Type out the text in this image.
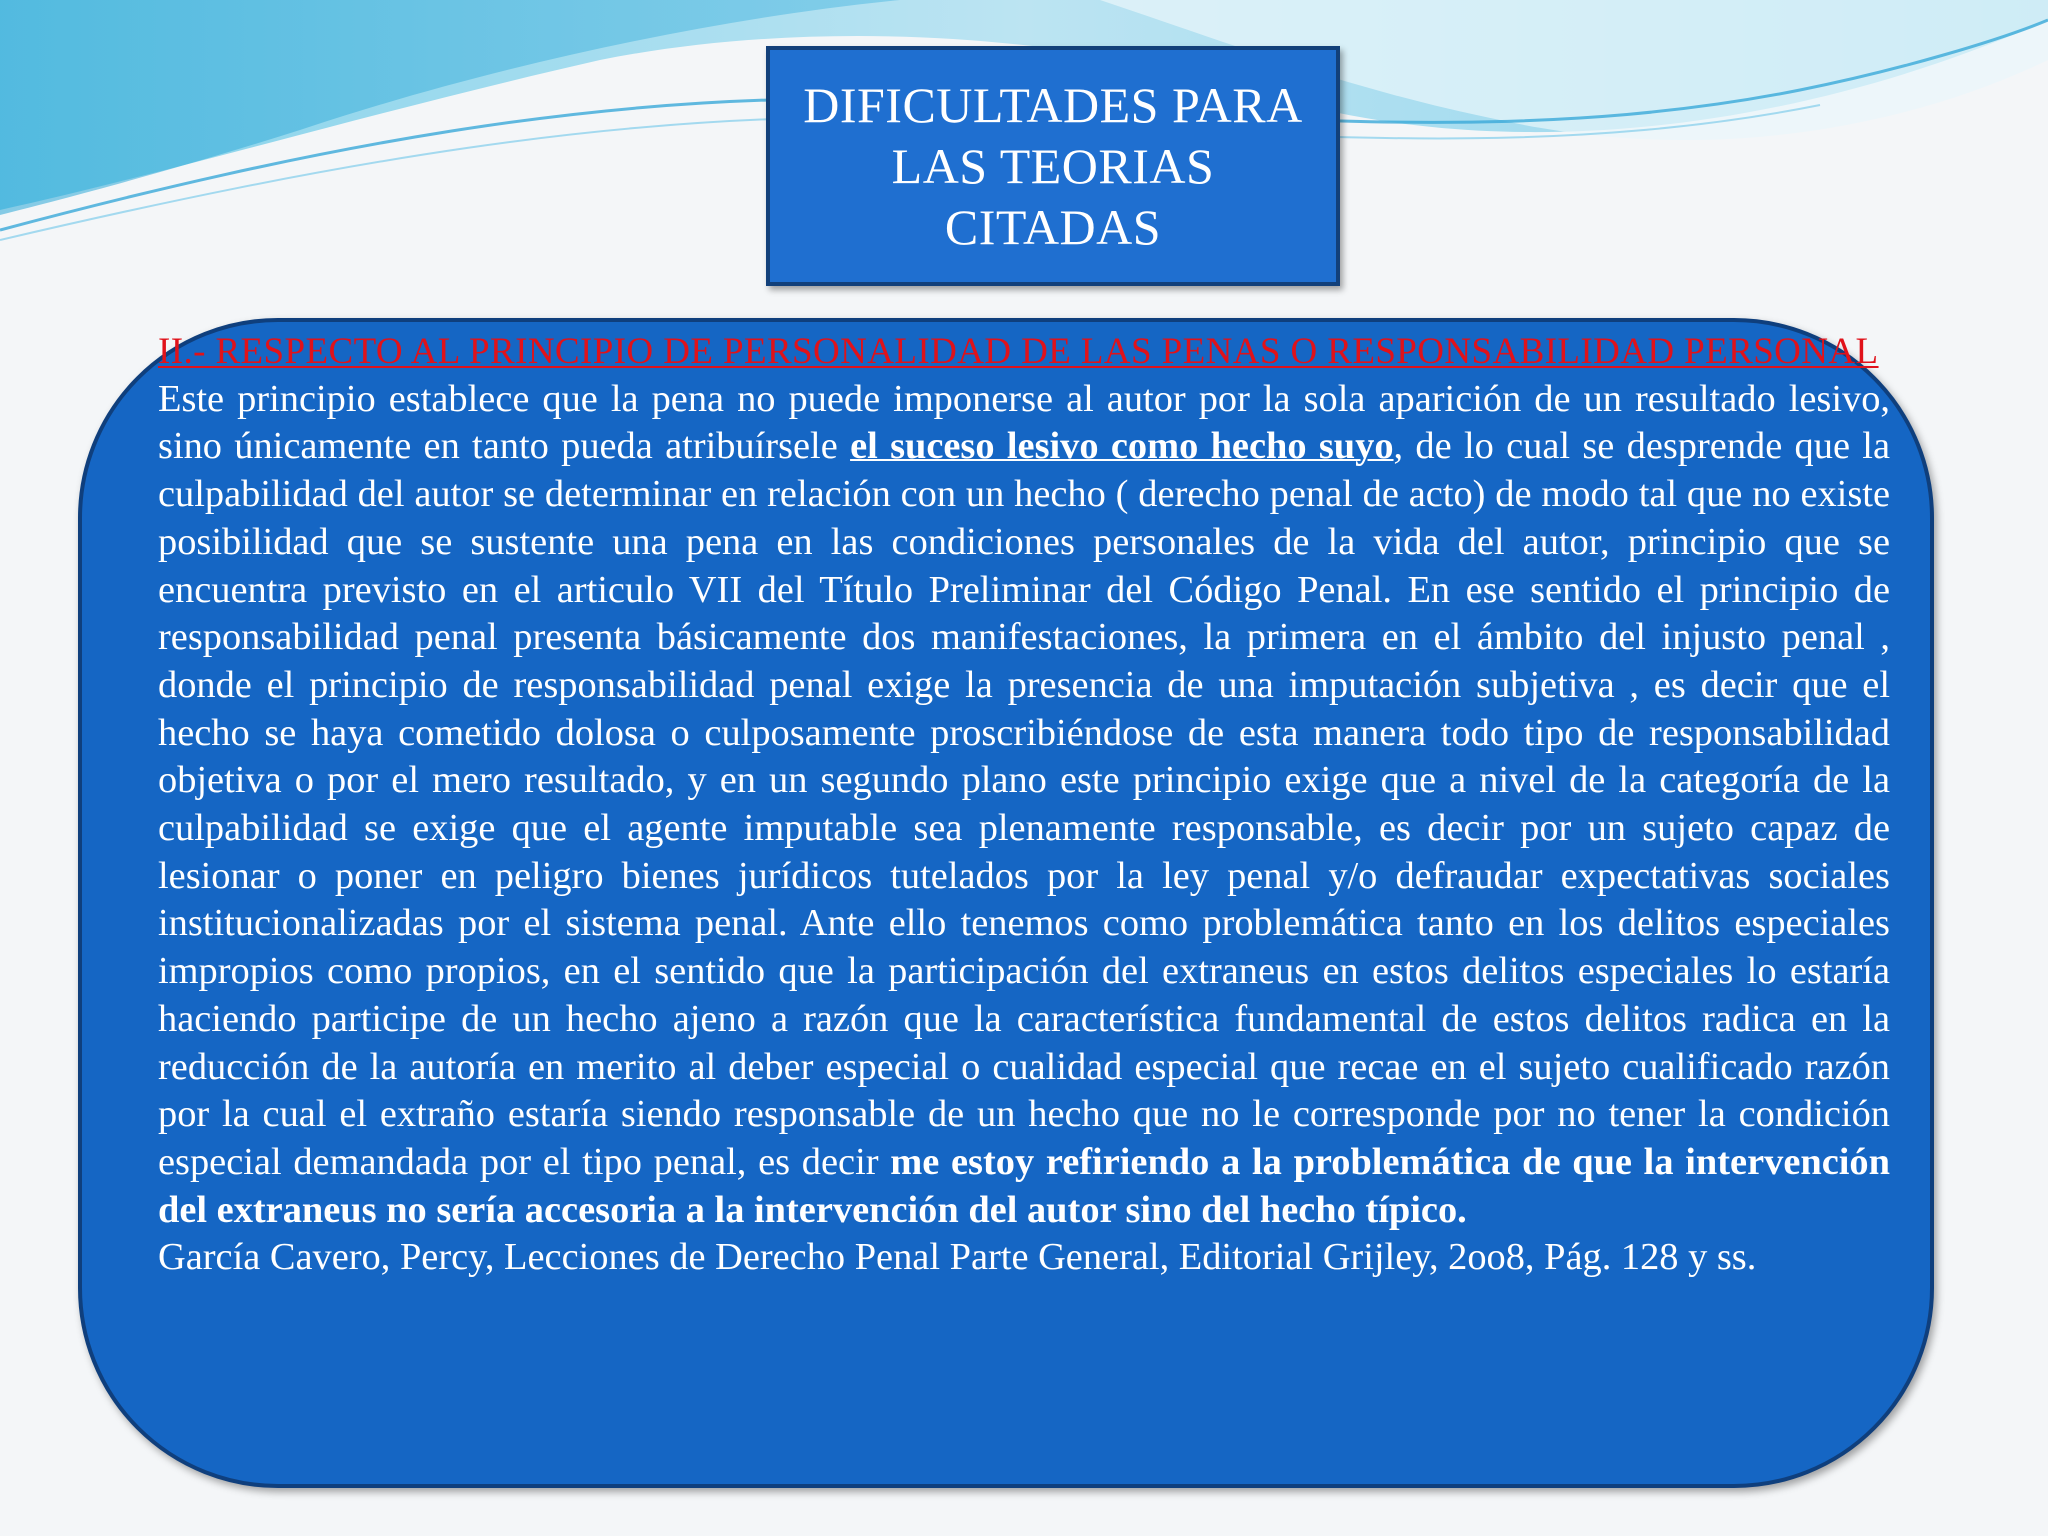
DIFICULTADES PARA
LAS TEORIAS
CITADAS

II.- RESPECTO AL PRINCIPIO DE PERSONALIDAD DE LAS PENAS O RESPONSABILIDAD PERSONAL

Este principio establece que la pena no puede imponerse al autor por la sola aparición de un resultado lesivo, sino únicamente en tanto pueda atribuírsele el suceso lesivo como hecho suyo, de lo cual se desprende que la culpabilidad del autor se determinar en relación con un hecho ( derecho penal de acto) de modo tal que no existe posibilidad que se sustente una pena en las condiciones personales de la vida del autor, principio que se encuentra previsto en el articulo VII del Título Preliminar del Código Penal. En ese sentido el principio de responsabilidad penal presenta básicamente dos manifestaciones, la primera en el ámbito del injusto penal , donde el principio de responsabilidad penal exige la presencia de una imputación subjetiva , es decir que el hecho se haya cometido dolosa o culposamente proscribiéndose de esta manera todo tipo de responsabilidad objetiva o por el mero resultado, y en un segundo plano este principio exige que a nivel de la categoría de la culpabilidad se exige que el agente imputable sea plenamente responsable, es decir por un sujeto capaz de lesionar o poner en peligro bienes jurídicos tutelados por la ley penal y/o defraudar expectativas sociales institucionalizadas por el sistema penal. Ante ello tenemos como problemática tanto en los delitos especiales impropios como propios, en el sentido que la participación del extraneus en estos delitos especiales lo estaría haciendo participe de un hecho ajeno a razón que la característica fundamental de estos delitos radica en la reducción de la autoría en merito al deber especial o cualidad especial que recae en el sujeto cualificado razón por la cual el extraño estaría siendo responsable de un hecho que no le corresponde por no tener la condición especial demandada por el tipo penal, es decir me estoy refiriendo a la problemática de que la intervención del extraneus no sería accesoria a la intervención del autor sino del hecho típico.

García Cavero, Percy, Lecciones de Derecho Penal Parte General, Editorial Grijley, 2oo8, Pág. 128 y ss.
